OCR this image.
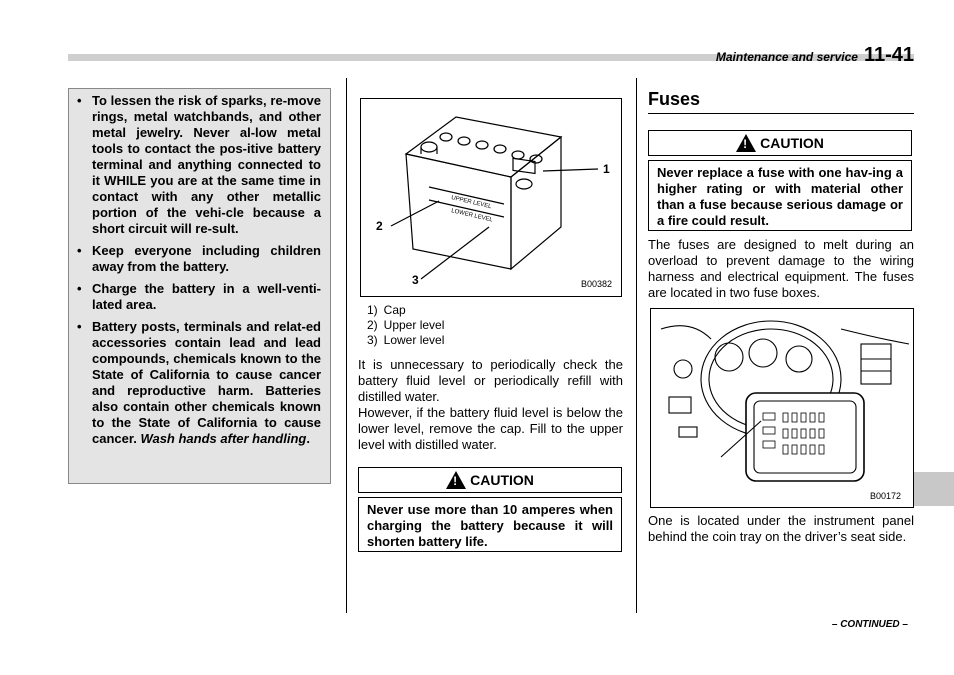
Maintenance and service 11-41
• To lessen the risk of sparks, re-move rings, metal watchbands, and other metal jewelry. Never al-low metal tools to contact the pos-itive battery terminal and anything connected to it WHILE you are at the same time in contact with any other metallic portion of the vehi-cle because a short circuit will re-sult.
• Keep everyone including children away from the battery.
• Charge the battery in a well-venti-lated area.
• Battery posts, terminals and relat-ed accessories contain lead and lead compounds, chemicals known to the State of California to cause cancer and reproductive harm. Batteries also contain other chemicals known to the State of California to cause cancer. Wash hands after handling.
UPPER LEVEL
LOWER LEVEL
1
2
3	B00382
1) Cap
2) Upper level
3) Lower level
It is unnecessary to periodically check the battery fluid level or periodically refill with distilled water.
However, if the battery fluid level is below the lower level, remove the cap. Fill to the upper level with distilled water.
!
CAUTION
Never use more than 10 amperes when charging the battery because it will shorten battery life.
Fuses
!
CAUTION
Never replace a fuse with one hav-ing a higher rating or with material other than a fuse because serious damage or a fire could result.
The fuses are designed to melt during an overload to prevent damage to the wiring harness and electrical equipment. The fuses are located in two fuse boxes.
B00172
One is located under the instrument panel behind the coin tray on the driver’s seat side.
– CONTINUED –
